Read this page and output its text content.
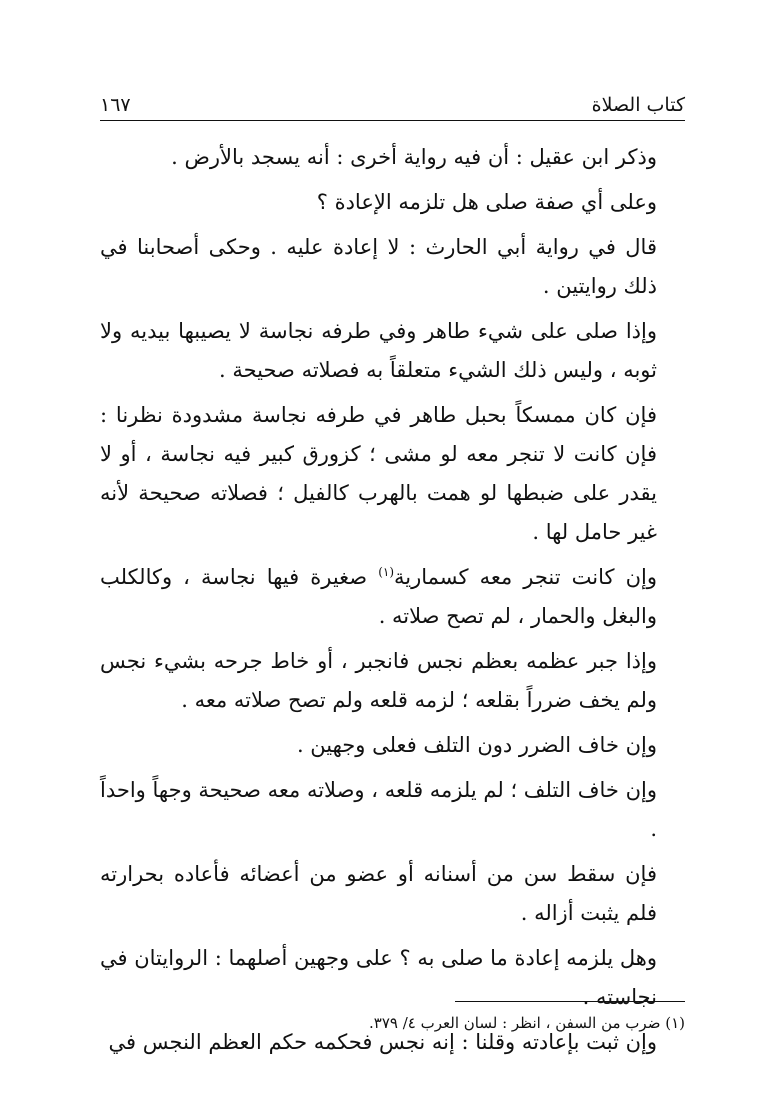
كتاب الصلاة
١٦٧

وذكر ابن عقيل : أن فيه رواية أخرى : أنه يسجد بالأرض .

وعلى أي صفة صلى هل تلزمه الإعادة ؟

قال في رواية أبي الحارث : لا إعادة عليه . وحكى أصحابنا في ذلك روايتين .

وإذا صلى على شيء طاهر وفي طرفه نجاسة لا يصيبها بيديه ولا ثوبه ، وليس ذلك الشيء متعلقاً به فصلاته صحيحة .

فإن كان ممسكاً بحبل طاهر في طرفه نجاسة مشدودة نظرنا : فإن كانت لا تنجر معه لو مشى ؛ كزورق كبير فيه نجاسة ، أو لا يقدر على ضبطها لو همت بالهرب كالفيل ؛ فصلاته صحيحة لأنه غير حامل لها .

وإن كانت تنجر معه كسمارية$^{(١)}$ صغيرة فيها نجاسة ، وكالكلب والبغل والحمار ، لم تصح صلاته .

وإذا جبر عظمه بعظم نجس فانجبر ، أو خاط جرحه بشيء نجس ولم يخف ضرراً بقلعه ؛ لزمه قلعه ولم تصح صلاته معه .

وإن خاف الضرر دون التلف فعلى وجهين .

وإن خاف التلف ؛ لم يلزمه قلعه ، وصلاته معه صحيحة وجهاً واحداً .

فإن سقط سن من أسنانه أو عضو من أعضائه فأعاده بحرارته فلم يثبت أزاله .

وهل يلزمه إعادة ما صلى به ؟ على وجهين أصلهما : الروايتان في نجاسته .

وإن ثبت بإعادته وقلنا : إنه نجس فحكمه حكم العظم النجس في

(١) ضرب من السفن ، انظر : لسان العرب ٤/ ٣٧٩.
